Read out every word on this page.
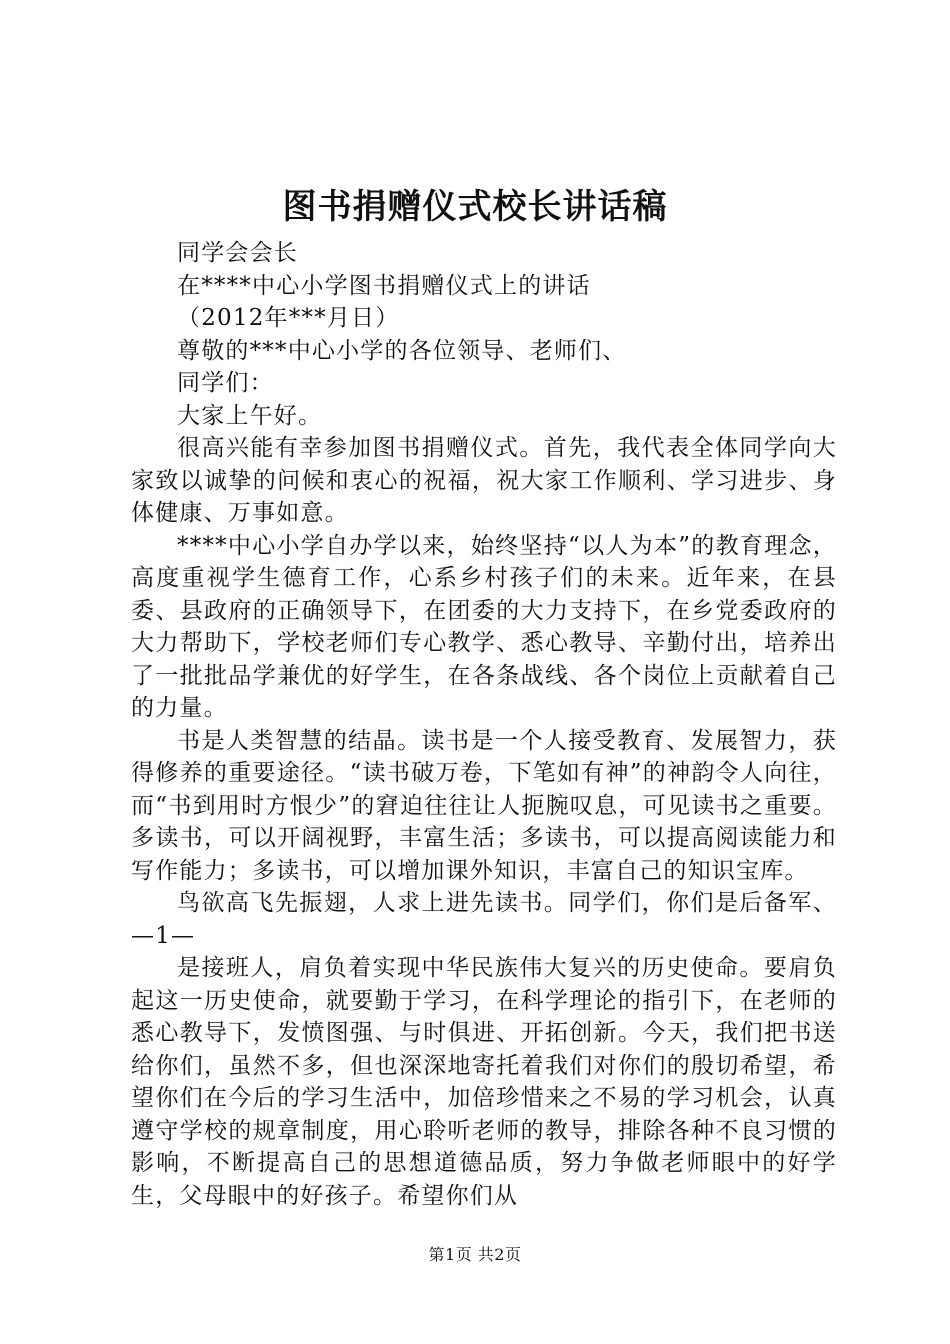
图书捐赠仪式校长讲话稿

同学会会长

在****中心小学图书捐赠仪式上的讲话

（2012年***月日）

尊敬的***中心小学的各位领导、老师们、

同学们：

大家上午好。

很高兴能有幸参加图书捐赠仪式。首先，我代表全体同学向大家致以诚挚的问候和衷心的祝福，祝大家工作顺利、学习进步、身体健康、万事如意。

****中心小学自办学以来，始终坚持“以人为本”的教育理念，高度重视学生德育工作，心系乡村孩子们的未来。近年来，在县委、县政府的正确领导下，在团委的大力支持下，在乡党委政府的大力帮助下，学校老师们专心教学、悉心教导、辛勤付出，培养出了一批批品学兼优的好学生，在各条战线、各个岗位上贡献着自己的力量。

书是人类智慧的结晶。读书是一个人接受教育、发展智力，获得修养的重要途径。“读书破万卷，下笔如有神”的神韵令人向往，而“书到用时方恨少”的窘迫往往让人扼腕叹息，可见读书之重要。多读书，可以开阔视野，丰富生活；多读书，可以提高阅读能力和写作能力；多读书，可以增加课外知识，丰富自己的知识宝库。

鸟欲高飞先振翅，人求上进先读书。同学们，你们是后备军、—1—

是接班人，肩负着实现中华民族伟大复兴的历史使命。要肩负起这一历史使命，就要勤于学习，在科学理论的指引下，在老师的悉心教导下，发愤图强、与时俱进、开拓创新。今天，我们把书送给你们，虽然不多，但也深深地寄托着我们对你们的殷切希望，希望你们在今后的学习生活中，加倍珍惜来之不易的学习机会，认真遵守学校的规章制度，用心聆听老师的教导，排除各种不良习惯的影响，不断提高自己的思想道德品质，努力争做老师眼中的好学生，父母眼中的好孩子。希望你们从

第1页 共2页
